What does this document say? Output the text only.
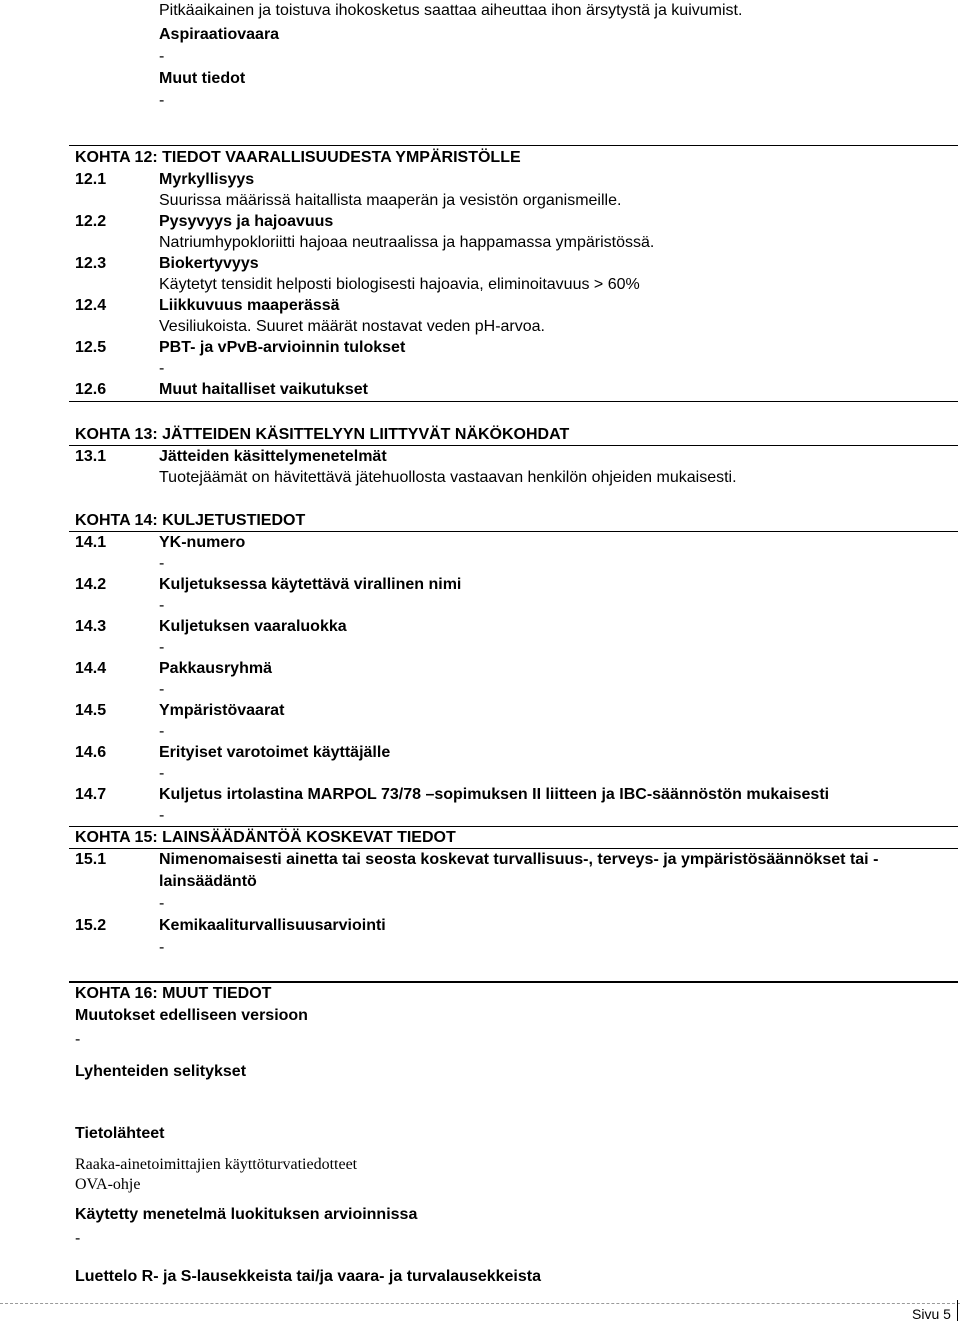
Pitkäaikainen ja toistuva ihokosketus saattaa aiheuttaa ihon ärsytystä ja kuivumist.
Aspiraatiovaara
-
Muut tiedot
-
KOHTA 12: TIEDOT VAARALLISUUDESTA YMPÄRISTÖLLE
12.1	Myrkyllisyys
Suurissa määrissä haitallista maaperän ja vesistön organismeille.
12.2	Pysyvyys ja hajoavuus
Natriumhypokloriitti hajoaa neutraalissa ja happamassa ympäristössä.
12.3	Biokertyvyys
Käytetyt tensidit helposti biologisesti hajoavia, eliminoitavuus > 60%
12.4	Liikkuvuus maaperässä
Vesiliukoista. Suuret määrät nostavat veden pH-arvoa.
12.5	PBT- ja vPvB-arvioinnin tulokset
-
12.6	Muut haitalliset vaikutukset
KOHTA 13: JÄTTEIDEN KÄSITTELYYN LIITTYVÄT NÄKÖKOHDAT
13.1	Jätteiden käsittelymenetelmät
Tuotejäämät on hävitettävä jätehuollosta vastaavan henkilön ohjeiden mukaisesti.
KOHTA 14: KULJETUSTIEDOT
14.1	YK-numero
-
14.2	Kuljetuksessa käytettävä virallinen nimi
-
14.3	Kuljetuksen vaaraluokka
-
14.4	Pakkausryhmä
-
14.5	Ympäristövaarat
-
14.6	Erityiset varotoimet käyttäjälle
-
14.7	Kuljetus irtolastina MARPOL 73/78 –sopimuksen II liitteen ja IBC-säännöstön mukaisesti
-
KOHTA 15: LAINSÄÄDÄNTÖÄ KOSKEVAT TIEDOT
15.1	Nimenomaisesti ainetta tai seosta koskevat turvallisuus-, terveys- ja ympäristösäännökset tai -
lainsäädäntö
-
15.2	Kemikaaliturvallisuusarviointi
-
KOHTA 16: MUUT TIEDOT
Muutokset edelliseen versioon
-
Lyhenteiden selitykset
Tietolähteet
Raaka-ainetoimittajien käyttöturvatiedotteet
OVA-ohje
Käytetty menetelmä luokituksen arvioinnissa
-
Luettelo R- ja S-lausekkeista tai/ja vaara- ja turvalausekkeista
Sivu 5
